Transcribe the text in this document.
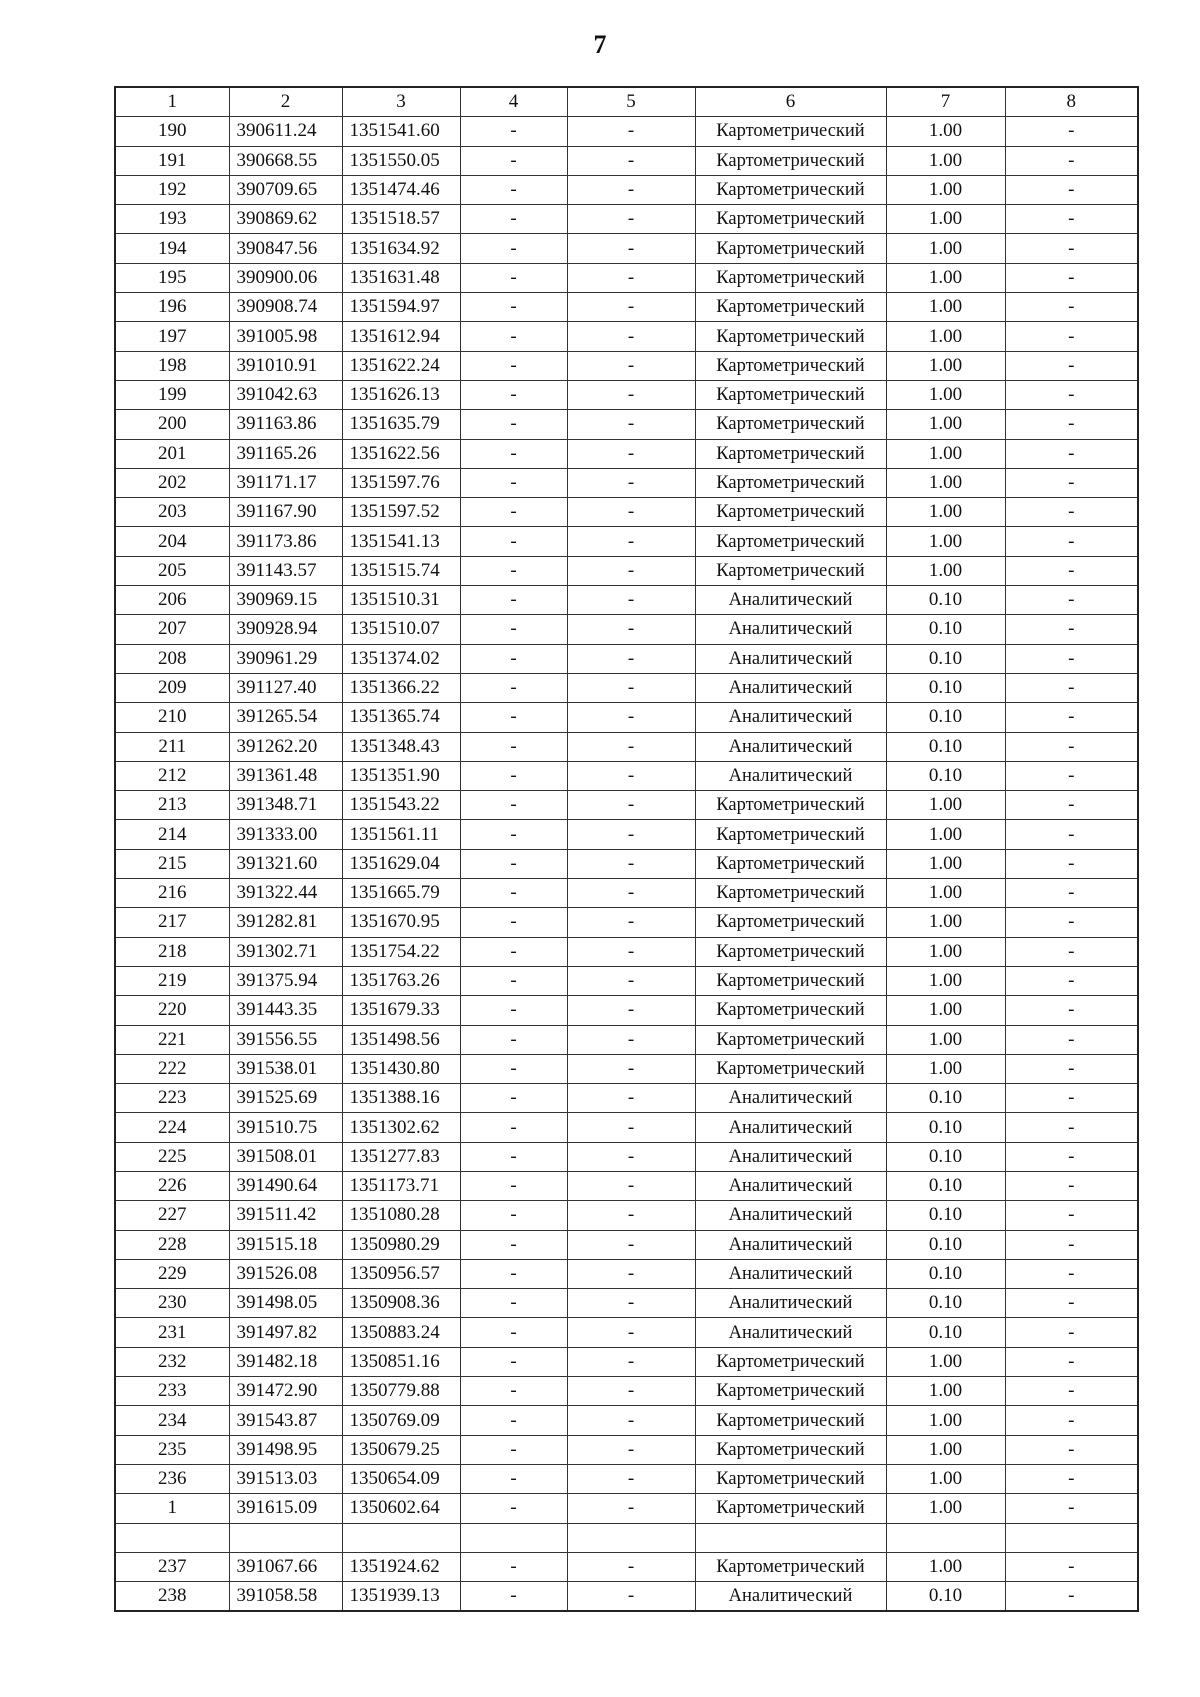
7
1	2	3	4	5	6	7	8
190	390611.24	1351541.60	-	-	Картометрический	1.00	-
191	390668.55	1351550.05	-	-	Картометрический	1.00	-
192	390709.65	1351474.46	-	-	Картометрический	1.00	-
193	390869.62	1351518.57	-	-	Картометрический	1.00	-
194	390847.56	1351634.92	-	-	Картометрический	1.00	-
195	390900.06	1351631.48	-	-	Картометрический	1.00	-
196	390908.74	1351594.97	-	-	Картометрический	1.00	-
197	391005.98	1351612.94	-	-	Картометрический	1.00	-
198	391010.91	1351622.24	-	-	Картометрический	1.00	-
199	391042.63	1351626.13	-	-	Картометрический	1.00	-
200	391163.86	1351635.79	-	-	Картометрический	1.00	-
201	391165.26	1351622.56	-	-	Картометрический	1.00	-
202	391171.17	1351597.76	-	-	Картометрический	1.00	-
203	391167.90	1351597.52	-	-	Картометрический	1.00	-
204	391173.86	1351541.13	-	-	Картометрический	1.00	-
205	391143.57	1351515.74	-	-	Картометрический	1.00	-
206	390969.15	1351510.31	-	-	Аналитический	0.10	-
207	390928.94	1351510.07	-	-	Аналитический	0.10	-
208	390961.29	1351374.02	-	-	Аналитический	0.10	-
209	391127.40	1351366.22	-	-	Аналитический	0.10	-
210	391265.54	1351365.74	-	-	Аналитический	0.10	-
211	391262.20	1351348.43	-	-	Аналитический	0.10	-
212	391361.48	1351351.90	-	-	Аналитический	0.10	-
213	391348.71	1351543.22	-	-	Картометрический	1.00	-
214	391333.00	1351561.11	-	-	Картометрический	1.00	-
215	391321.60	1351629.04	-	-	Картометрический	1.00	-
216	391322.44	1351665.79	-	-	Картометрический	1.00	-
217	391282.81	1351670.95	-	-	Картометрический	1.00	-
218	391302.71	1351754.22	-	-	Картометрический	1.00	-
219	391375.94	1351763.26	-	-	Картометрический	1.00	-
220	391443.35	1351679.33	-	-	Картометрический	1.00	-
221	391556.55	1351498.56	-	-	Картометрический	1.00	-
222	391538.01	1351430.80	-	-	Картометрический	1.00	-
223	391525.69	1351388.16	-	-	Аналитический	0.10	-
224	391510.75	1351302.62	-	-	Аналитический	0.10	-
225	391508.01	1351277.83	-	-	Аналитический	0.10	-
226	391490.64	1351173.71	-	-	Аналитический	0.10	-
227	391511.42	1351080.28	-	-	Аналитический	0.10	-
228	391515.18	1350980.29	-	-	Аналитический	0.10	-
229	391526.08	1350956.57	-	-	Аналитический	0.10	-
230	391498.05	1350908.36	-	-	Аналитический	0.10	-
231	391497.82	1350883.24	-	-	Аналитический	0.10	-
232	391482.18	1350851.16	-	-	Картометрический	1.00	-
233	391472.90	1350779.88	-	-	Картометрический	1.00	-
234	391543.87	1350769.09	-	-	Картометрический	1.00	-
235	391498.95	1350679.25	-	-	Картометрический	1.00	-
236	391513.03	1350654.09	-	-	Картометрический	1.00	-
1	391615.09	1350602.64	-	-	Картометрический	1.00	-

237	391067.66	1351924.62	-	-	Картометрический	1.00	-
238	391058.58	1351939.13	-	-	Аналитический	0.10	-
